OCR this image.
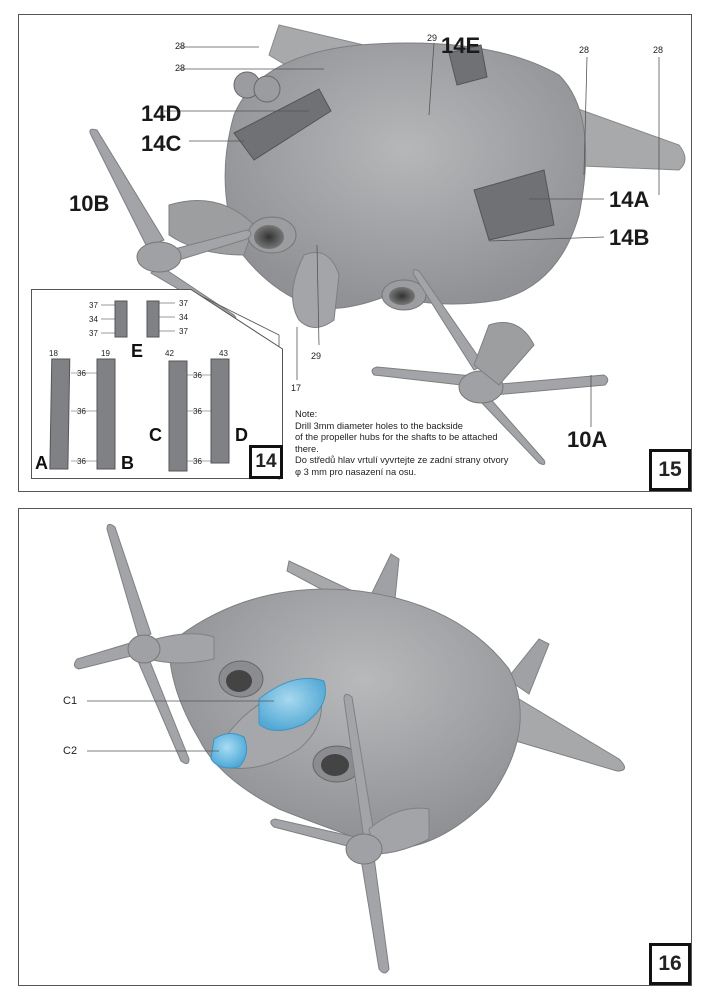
14E
14D
14C
10B	14A
14B
10A
28
28
28	28
29
29
17
Note:
Drill 3mm diameter holes to the backside
of the propeller hubs for the shafts to be attached
there.
Do středů hlav vrtulí vyvrtejte ze zadní strany otvory
φ 3 mm pro nasazení na osu.
18	19	42	43
36
36
36
36
36
36
37
37
34
37
34
37
A	B
C	D
E
14	15
C1
C2
16
